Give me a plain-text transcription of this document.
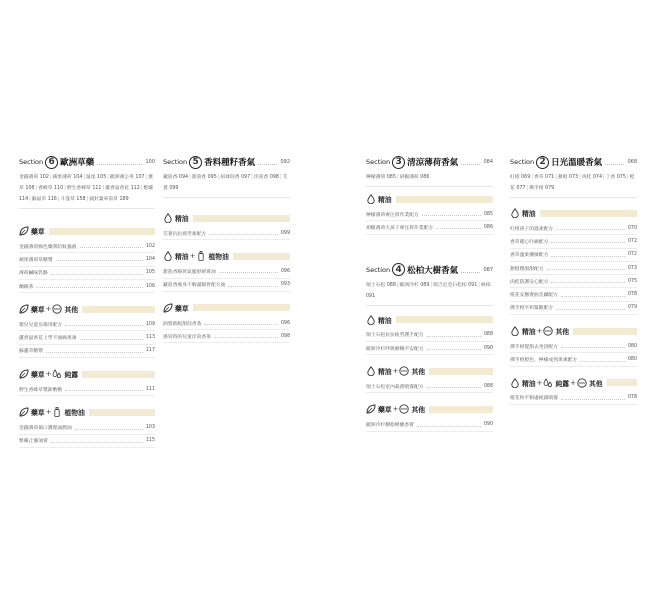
Section 6 歐洲草藥	100
金錢薄荷 102|蘋果薄荷 104|鼠尾 105|歐洲薄公英 107|薰草 108|香蜂草 110|野生香蜂草 111|蘆香鼠香花 112|繁縷 114|蘇鼠草 116|斗蓬草 158|披針葉車前草 189
藥草
金錢薄荷綠色藥膏防蚊蟲液	102
蘋果薄荷草糖漿	104
薄荷鹹味乳酪	105
蘭錫茶	106
藥草 + 其他
嬰兒兒童房備用配方	109
蘆香鼠香花上學不頭痛果凍	113
蘇蘆草糖漿	117
藥草 + 純露
野生香蜂草漿卸敷敷	111
藥草 + 植物油
金錢薄荷傷口護理油潤油	103
繁縷止癢油膏	115
Section 5 香料種籽香氣	092
藏茴香 094|甜茴香 095|紐球茴香 097|洋茴香 098|芫荽 099
精油
芫荽抗抗疲勞素配方	099
精油 + 植物油
甜茴香腸胃氣脹舒緩膏油	096
藏茴香瘦身不胸滿腸胃配方油	093
藥草
洞察助眠甜茴香茶	096
感冒時的兒童洋茴香茶	098
Section 3 清涼薄荷香氣	084
檸檬薄荷 085|胡椒薄荷 086
精油
檸檬薄荷專注寫作業配方	085
胡椒薄荷大孩子專注寫作業配方	086
Section 4 松柏大樹香氣	087
瑞士石松 088|歐洲冷杉 089|瑞吉尼亞石松柏 091|絲柏 091
精油
瑞士石松抗抗疲勞護手配方	088
歐洲冷杉呼吸順暢平安配方	090
精油 + 其他
瑞士石松室內殺菌噴霧配方	088
藥草 + 其他
歐洲冷杉樹脂療癒香膏	090
Section 2 日光溫暖香氣	068
紅柑 069|香草 071|甜橙 073|肉桂 074|丁香 075|橙花 077|佛手柑 079
精油
紅柑孩子的溫柔配方	070
香草暖心吐痛配方	072
香草溫柔擴擁配方	072
甜橙穩甜甜配方	073
肉桂防護安心配方	075
橙花安撫褒曲急躁配方	078
佛手柑亨和緊歡配方	079
精油 + 其他
佛手柑覺甜去坐浴配方	080
佛手柑橙色、檸檬成熟果凍配方	080
精油 + 純露 + 其他
橙花和平相處純露噴霧	078
